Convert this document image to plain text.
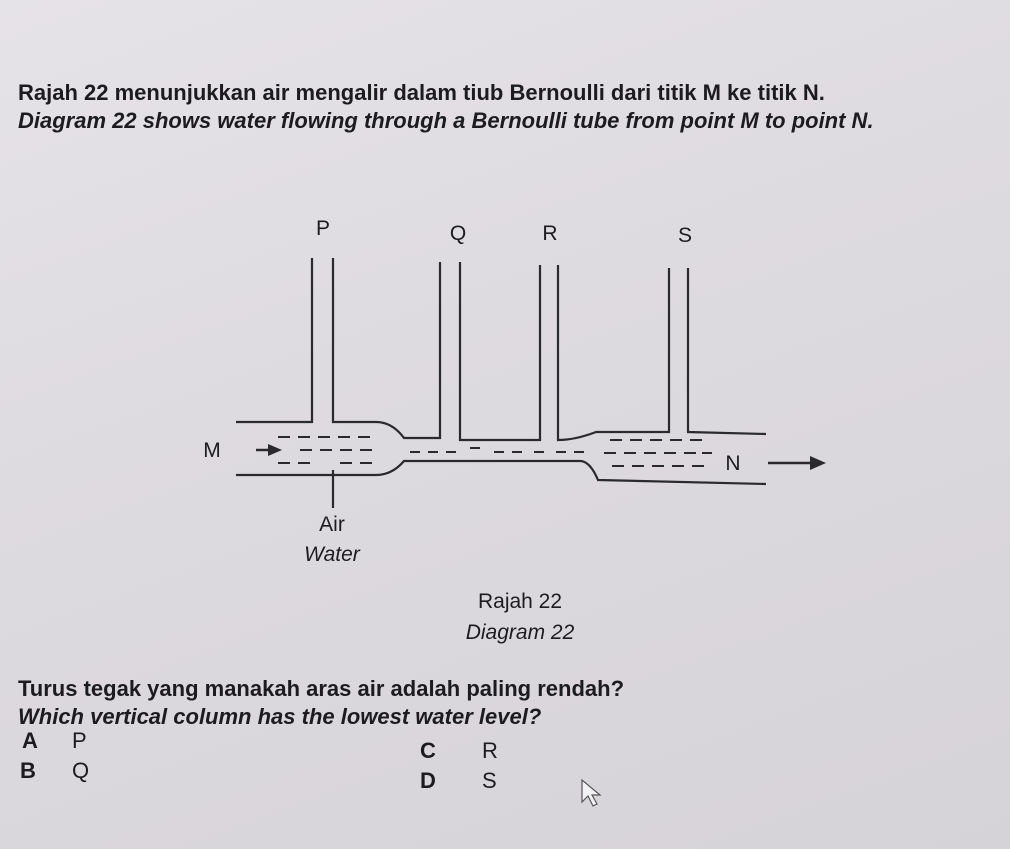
Rajah 22 menunjukkan air mengalir dalam tiub Bernoulli dari titik M ke titik N.
Diagram 22 shows water flowing through a Bernoulli tube from point M to point N.
P	Q	R	S
M
N
Air
Water
Rajah 22
Diagram 22
Turus tegak yang manakah aras air adalah paling rendah?
Which vertical column has the lowest water level?
A P
B Q
C R
D S
